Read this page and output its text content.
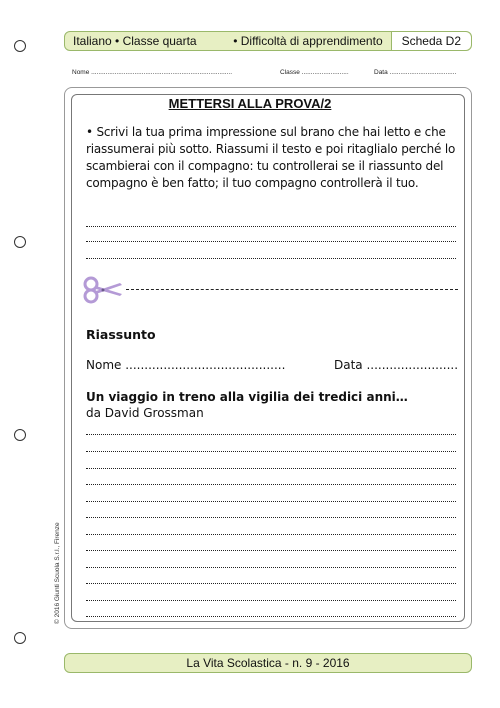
Italiano • Classe quarta	• Difficoltà di apprendimento	Scheda D2
Nome ..............................................................................	Classe ..........................	Data .....................................
METTERSI ALLA PROVA/2
• Scrivi la tua prima impressione sul brano che hai letto e che riassumerai più sotto. Riassumi il testo e poi ritaglialo perché lo scambierai con il compagno: tu controllerai se il riassunto del compagno è ben fatto; il tuo compagno controllerà il tuo.
Riassunto
Nome ..........................................	Data ........................
Un viaggio in treno alla vigilia dei tredici anni…
da David Grossman
© 2016 Giunti Scuola S.r.l., Firenze
La Vita Scolastica - n. 9 - 2016
